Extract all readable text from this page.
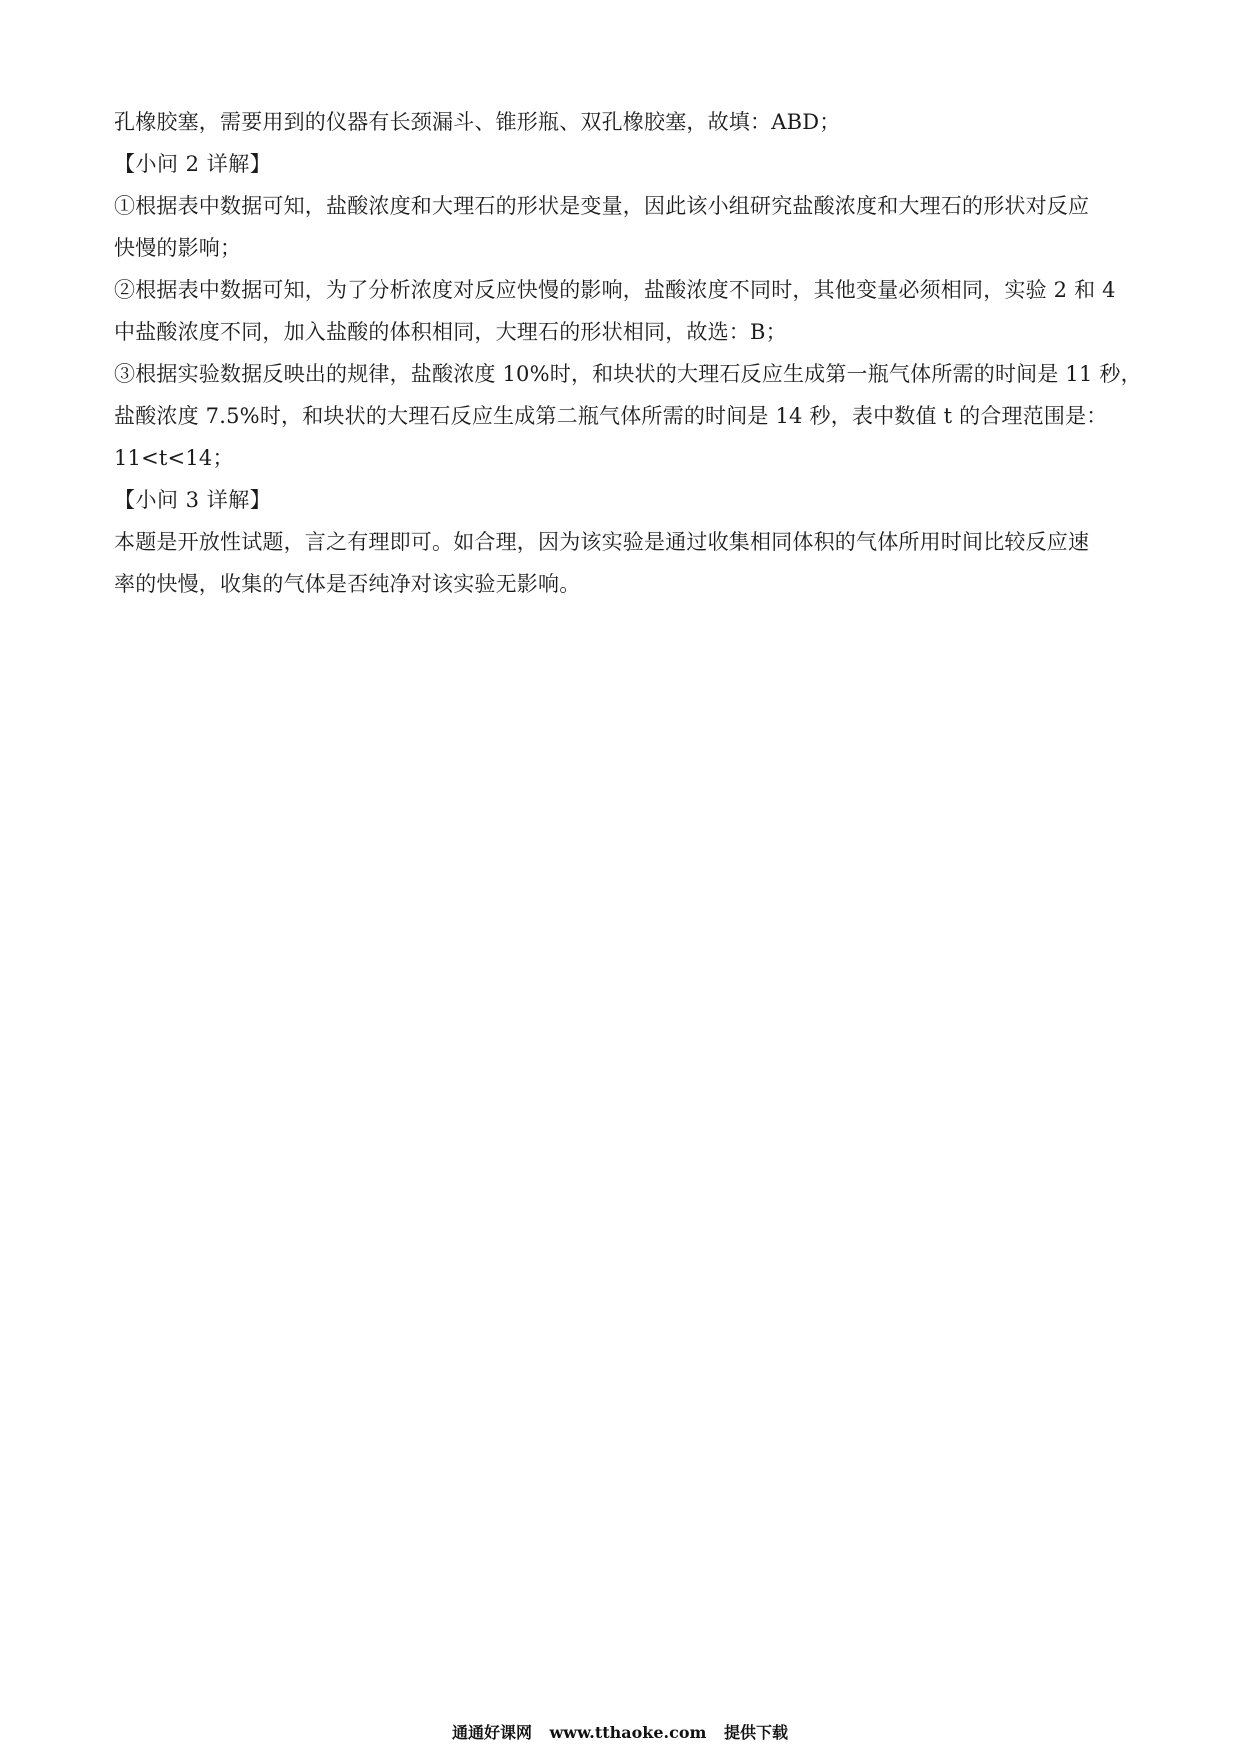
孔橡胶塞，需要用到的仪器有长颈漏斗、锥形瓶、双孔橡胶塞，故填：ABD；
【小问 2 详解】
①根据表中数据可知，盐酸浓度和大理石的形状是变量，因此该小组研究盐酸浓度和大理石的形状对反应
快慢的影响；
②根据表中数据可知，为了分析浓度对反应快慢的影响，盐酸浓度不同时，其他变量必须相同，实验 2 和 4
中盐酸浓度不同，加入盐酸的体积相同，大理石的形状相同，故选：B；
③根据实验数据反映出的规律，盐酸浓度 10%时，和块状的大理石反应生成第一瓶气体所需的时间是 11 秒，
盐酸浓度 7.5%时，和块状的大理石反应生成第二瓶气体所需的时间是 14 秒，表中数值 t 的合理范围是：
11<t<14；
【小问 3 详解】
本题是开放性试题，言之有理即可。如合理，因为该实验是通过收集相同体积的气体所用时间比较反应速
率的快慢，收集的气体是否纯净对该实验无影响。
通通好课网 www.tthaoke.com 提供下载
